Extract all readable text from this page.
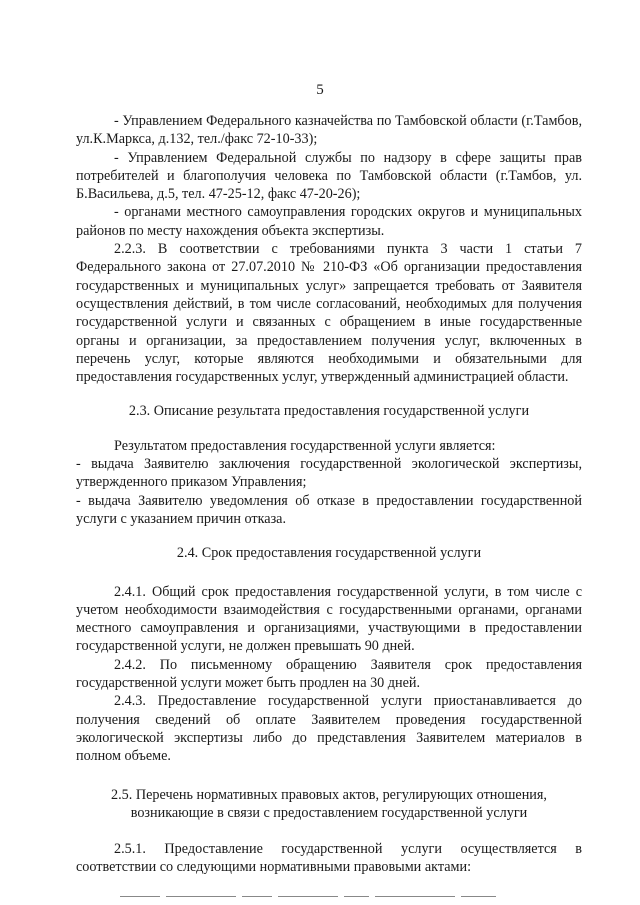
5

- Управлением Федерального казначейства по Тамбовской области (г.Тамбов, ул.К.Маркса, д.132, тел./факс 72-10-33);

- Управлением Федеральной службы по надзору в сфере защиты прав потребителей и благополучия человека по Тамбовской области (г.Тамбов, ул. Б.Васильева, д.5, тел. 47-25-12, факс 47-20-26);

- органами местного самоуправления городских округов и муниципальных районов по месту нахождения объекта экспертизы.

2.2.3. В соответствии с требованиями пункта 3 части 1 статьи 7 Федерального закона от 27.07.2010 № 210-ФЗ «Об организации предоставления государственных и муниципальных услуг» запрещается требовать от Заявителя осуществления действий, в том числе согласований, необходимых для получения государственной услуги и связанных с обращением в иные государственные органы и организации, за предоставлением получения услуг, включенных в перечень услуг, которые являются необходимыми и обязательными для предоставления государственных услуг, утвержденный администрацией области.

2.3. Описание результата предоставления государственной услуги

Результатом предоставления государственной услуги является:

- выдача Заявителю заключения государственной экологической экспертизы, утвержденного приказом Управления;

- выдача Заявителю уведомления об отказе в предоставлении государственной услуги с указанием причин отказа.

2.4. Срок предоставления государственной услуги

2.4.1. Общий срок предоставления государственной услуги, в том числе с учетом необходимости взаимодействия с государственными органами, органами местного самоуправления и организациями, участвующими в предоставлении государственной услуги, не должен превышать 90 дней.

2.4.2. По письменному обращению Заявителя срок предоставления государственной услуги может быть продлен на 30 дней.

2.4.3. Предоставление государственной услуги приостанавливается до получения сведений об оплате Заявителем проведения государственной экологической экспертизы либо до представления Заявителем материалов в полном объеме.

2.5. Перечень нормативных правовых актов, регулирующих отношения,
возникающие в связи с предоставлением государственной услуги

2.5.1. Предоставление государственной услуги осуществляется в соответствии со следующими нормативными правовыми актами:
